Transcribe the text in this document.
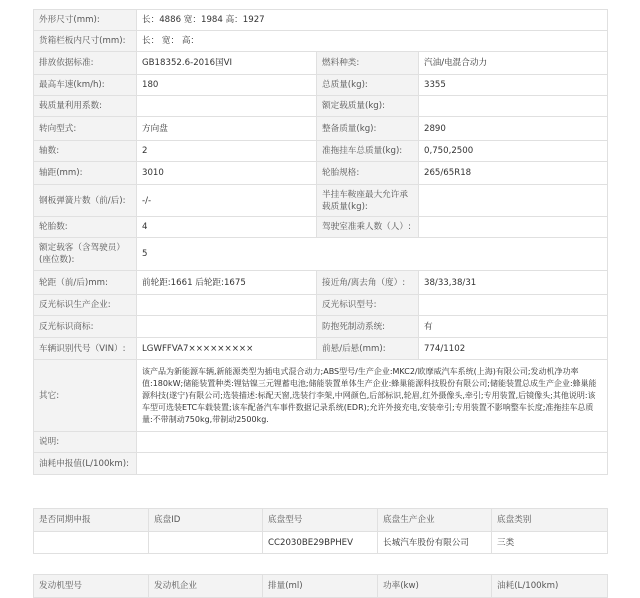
外形尺寸(mm):	长：4886 宽：1984 高：1927		
货箱栏板内尺寸(mm):	长： 宽： 高：		
排放依据标准:	GB18352.6-2016国VI	燃料种类:	汽油/电混合动力
最高车速(km/h):	180	总质量(kg):	3355
载质量利用系数:		额定载质量(kg):	
转向型式:	方向盘	整备质量(kg):	2890
轴数:	2	准拖挂车总质量(kg):	0,750,2500
轴距(mm):	3010	轮胎规格:	265/65R18
钢板弹簧片数（前/后):	-/-	半挂车鞍座最大允许承载质量(kg):	
轮胎数:	4	驾驶室准乘人数（人）:	
额定载客（含驾驶员）(座位数):	5		
轮距（前/后)mm:	前轮距:1661 后轮距:1675	接近角/离去角（度）:	38/33,38/31
反光标识生产企业:		反光标识型号:	
反光标识商标:		防抱死制动系统:	有
车辆识别代号（VIN）:	LGWFFVA7×××××××××	前悬/后悬(mm):	774/1102
其它:	该产品为新能源车辆,新能源类型为插电式混合动力;ABS型号/生产企业:MKC2/欧摩威汽车系统(上海)有限公司;发动机净功率值:180kW;储能装置种类:锂钴镍三元锂蓄电池;储能装置单体生产企业:蜂巢能源科技股份有限公司;储能装置总成生产企业:蜂巢能源科技(遂宁)有限公司;选装描述:标配天窗,选装行李架,中网颜色,后部标识,轮眉,红外摄像头,牵引;专用装置,后镜像头;其他说明:该车型可选装ETC车载装置;该车配备汽车事件数据记录系统(EDR);允许外接充电,安装牵引;专用装置不影响整车长度;准拖挂车总质量:不带制动750kg,带制动2500kg.		
说明:			
油耗申报值(L/100km):			
是否同期申报	底盘ID	底盘型号	底盘生产企业	底盘类别
		CC2030BE29BPHEV	长城汽车股份有限公司	三类
发动机型号	发动机企业	排量(ml)	功率(kw)	油耗(L/100km)
